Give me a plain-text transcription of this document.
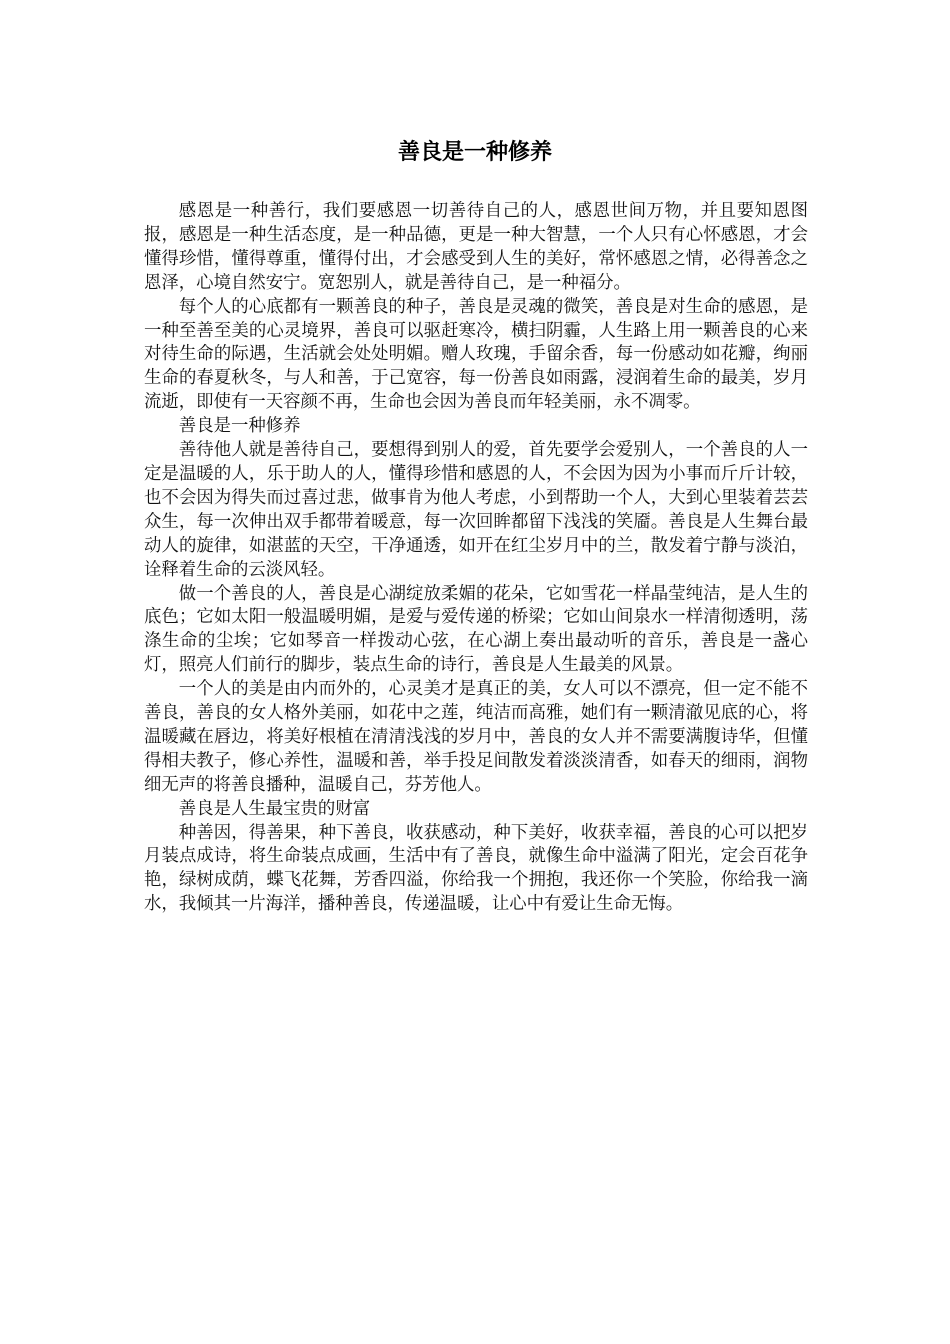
善良是一种修养

感恩是一种善行，我们要感恩一切善待自己的人，感恩世间万物，并且要知恩图报，感恩是一种生活态度，是一种品德，更是一种大智慧，一个人只有心怀感恩，才会懂得珍惜，懂得尊重，懂得付出，才会感受到人生的美好，常怀感恩之情，必得善念之恩泽，心境自然安宁。宽恕别人，就是善待自己，是一种福分。

每个人的心底都有一颗善良的种子，善良是灵魂的微笑，善良是对生命的感恩，是一种至善至美的心灵境界，善良可以驱赶寒冷，横扫阴霾，人生路上用一颗善良的心来对待生命的际遇，生活就会处处明媚。赠人玫瑰，手留余香，每一份感动如花瓣，绚丽生命的春夏秋冬，与人和善，于己宽容，每一份善良如雨露，浸润着生命的最美，岁月流逝，即使有一天容颜不再，生命也会因为善良而年轻美丽，永不凋零。

善良是一种修养

善待他人就是善待自己，要想得到别人的爱，首先要学会爱别人，一个善良的人一定是温暖的人，乐于助人的人，懂得珍惜和感恩的人，不会因为因为小事而斤斤计较，也不会因为得失而过喜过悲，做事肯为他人考虑，小到帮助一个人，大到心里装着芸芸众生，每一次伸出双手都带着暖意，每一次回眸都留下浅浅的笑靥。善良是人生舞台最动人的旋律，如湛蓝的天空，干净通透，如开在红尘岁月中的兰，散发着宁静与淡泊，诠释着生命的云淡风轻。

做一个善良的人，善良是心湖绽放柔媚的花朵，它如雪花一样晶莹纯洁，是人生的底色；它如太阳一般温暖明媚，是爱与爱传递的桥梁；它如山间泉水一样清彻透明，荡涤生命的尘埃；它如琴音一样拨动心弦，在心湖上奏出最动听的音乐，善良是一盏心灯，照亮人们前行的脚步，装点生命的诗行，善良是人生最美的风景。

一个人的美是由内而外的，心灵美才是真正的美，女人可以不漂亮，但一定不能不善良，善良的女人格外美丽，如花中之莲，纯洁而高雅，她们有一颗清澈见底的心，将温暖藏在唇边，将美好根植在清清浅浅的岁月中，善良的女人并不需要满腹诗华，但懂得相夫教子，修心养性，温暖和善，举手投足间散发着淡淡清香，如春天的细雨，润物细无声的将善良播种，温暖自己，芬芳他人。

善良是人生最宝贵的财富

种善因，得善果，种下善良，收获感动，种下美好，收获幸福，善良的心可以把岁月装点成诗，将生命装点成画，生活中有了善良，就像生命中溢满了阳光，定会百花争艳，绿树成荫，蝶飞花舞，芳香四溢，你给我一个拥抱，我还你一个笑脸，你给我一滴水，我倾其一片海洋，播种善良，传递温暖，让心中有爱让生命无悔。
